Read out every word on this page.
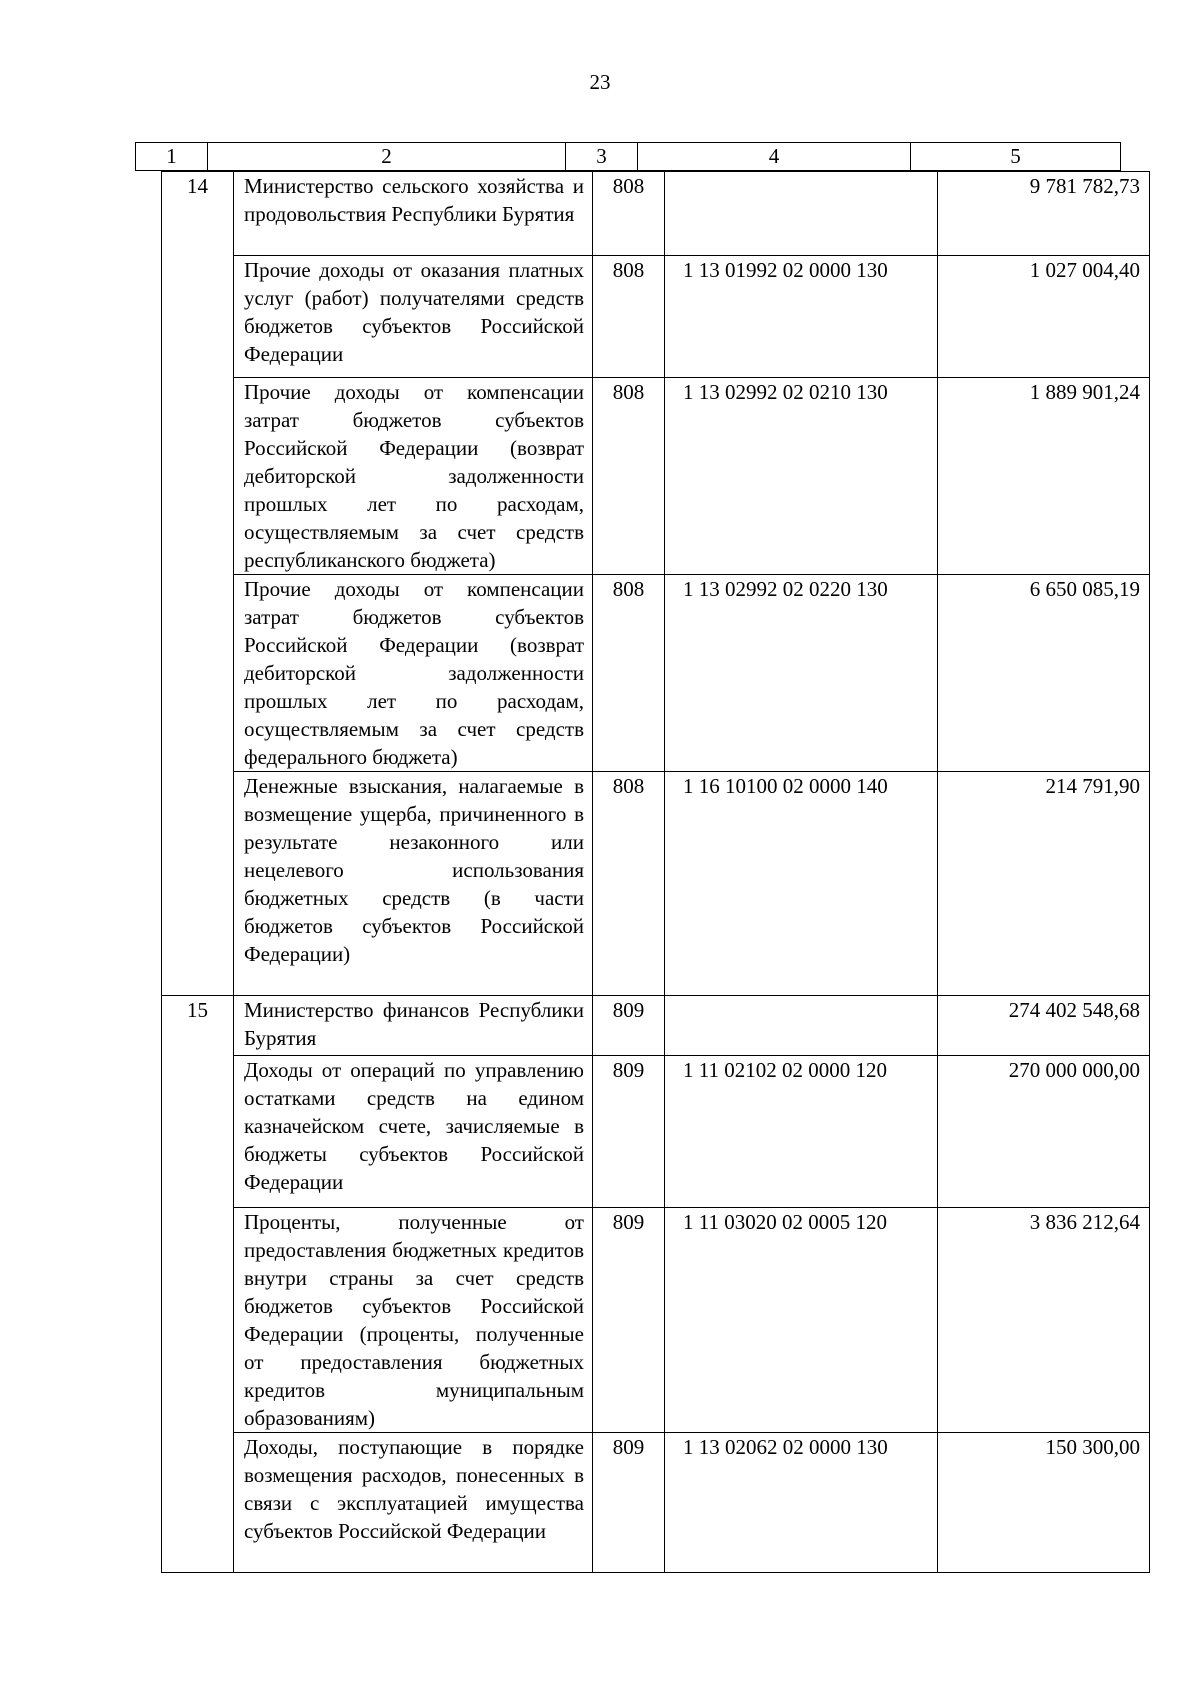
23
1	2	3	4	5
14	Министерство сельского хозяйства и продовольствия Республики Бурятия	808		9 781 782,73
	Прочие доходы от оказания платных услуг (работ) получателями средств бюджетов субъектов Российской Федерации	808	1 13 01992 02 0000 130	1 027 004,40
	Прочие доходы от компенсации затрат бюджетов субъектов Российской Федерации (возврат дебиторской задолженности прошлых лет по расходам, осуществляемым за счет средств республиканского бюджета)	808	1 13 02992 02 0210 130	1 889 901,24
	Прочие доходы от компенсации затрат бюджетов субъектов Российской Федерации (возврат дебиторской задолженности прошлых лет по расходам, осуществляемым за счет средств федерального бюджета)	808	1 13 02992 02 0220 130	6 650 085,19
	Денежные взыскания, налагаемые в возмещение ущерба, причиненного в результате незаконного или нецелевого использования бюджетных средств (в части бюджетов субъектов Российской Федерации)	808	1 16 10100 02 0000 140	214 791,90
15	Министерство финансов Республики Бурятия	809		274 402 548,68
	Доходы от операций по управлению остатками средств на едином казначейском счете, зачисляемые в бюджеты субъектов Российской Федерации	809	1 11 02102 02 0000 120	270 000 000,00
	Проценты, полученные от предоставления бюджетных кредитов внутри страны за счет средств бюджетов субъектов Российской Федерации (проценты, полученные от предоставления бюджетных кредитов муниципальным образованиям)	809	1 11 03020 02 0005 120	3 836 212,64
	Доходы, поступающие в порядке возмещения расходов, понесенных в связи с эксплуатацией имущества субъектов Российской Федерации	809	1 13 02062 02 0000 130	150 300,00
